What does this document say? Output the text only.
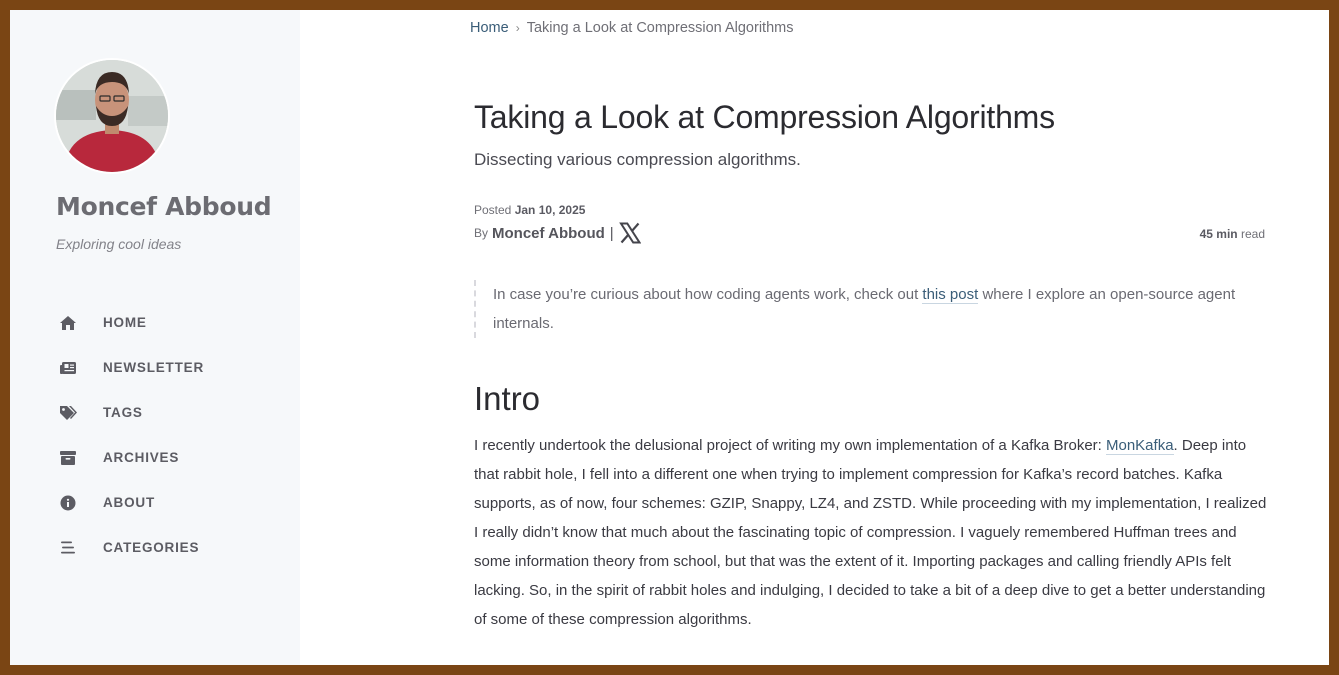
Moncef Abboud
Exploring cool ideas
HOME
NEWSLETTER
TAGS
ARCHIVES
ABOUT
CATEGORIES
Home › Taking a Look at Compression Algorithms
Taking a Look at Compression Algorithms
Dissecting various compression algorithms.
Posted Jan 10, 2025
By Moncef Abboud |	45 min read
In case you’re curious about how coding agents work, check out this post where I explore an open-source agent internals.
Intro

I recently undertook the delusional project of writing my own implementation of a Kafka Broker: MonKafka. Deep into that rabbit hole, I fell into a different one when trying to implement compression for Kafka’s record batches. Kafka supports, as of now, four schemes: GZIP, Snappy, LZ4, and ZSTD. While proceeding with my implementation, I realized I really didn’t know that much about the fascinating topic of compression. I vaguely remembered Huffman trees and some information theory from school, but that was the extent of it. Importing packages and calling friendly APIs felt lacking. So, in the spirit of rabbit holes and indulging, I decided to take a bit of a deep dive to get a better understanding of some of these compression algorithms.
